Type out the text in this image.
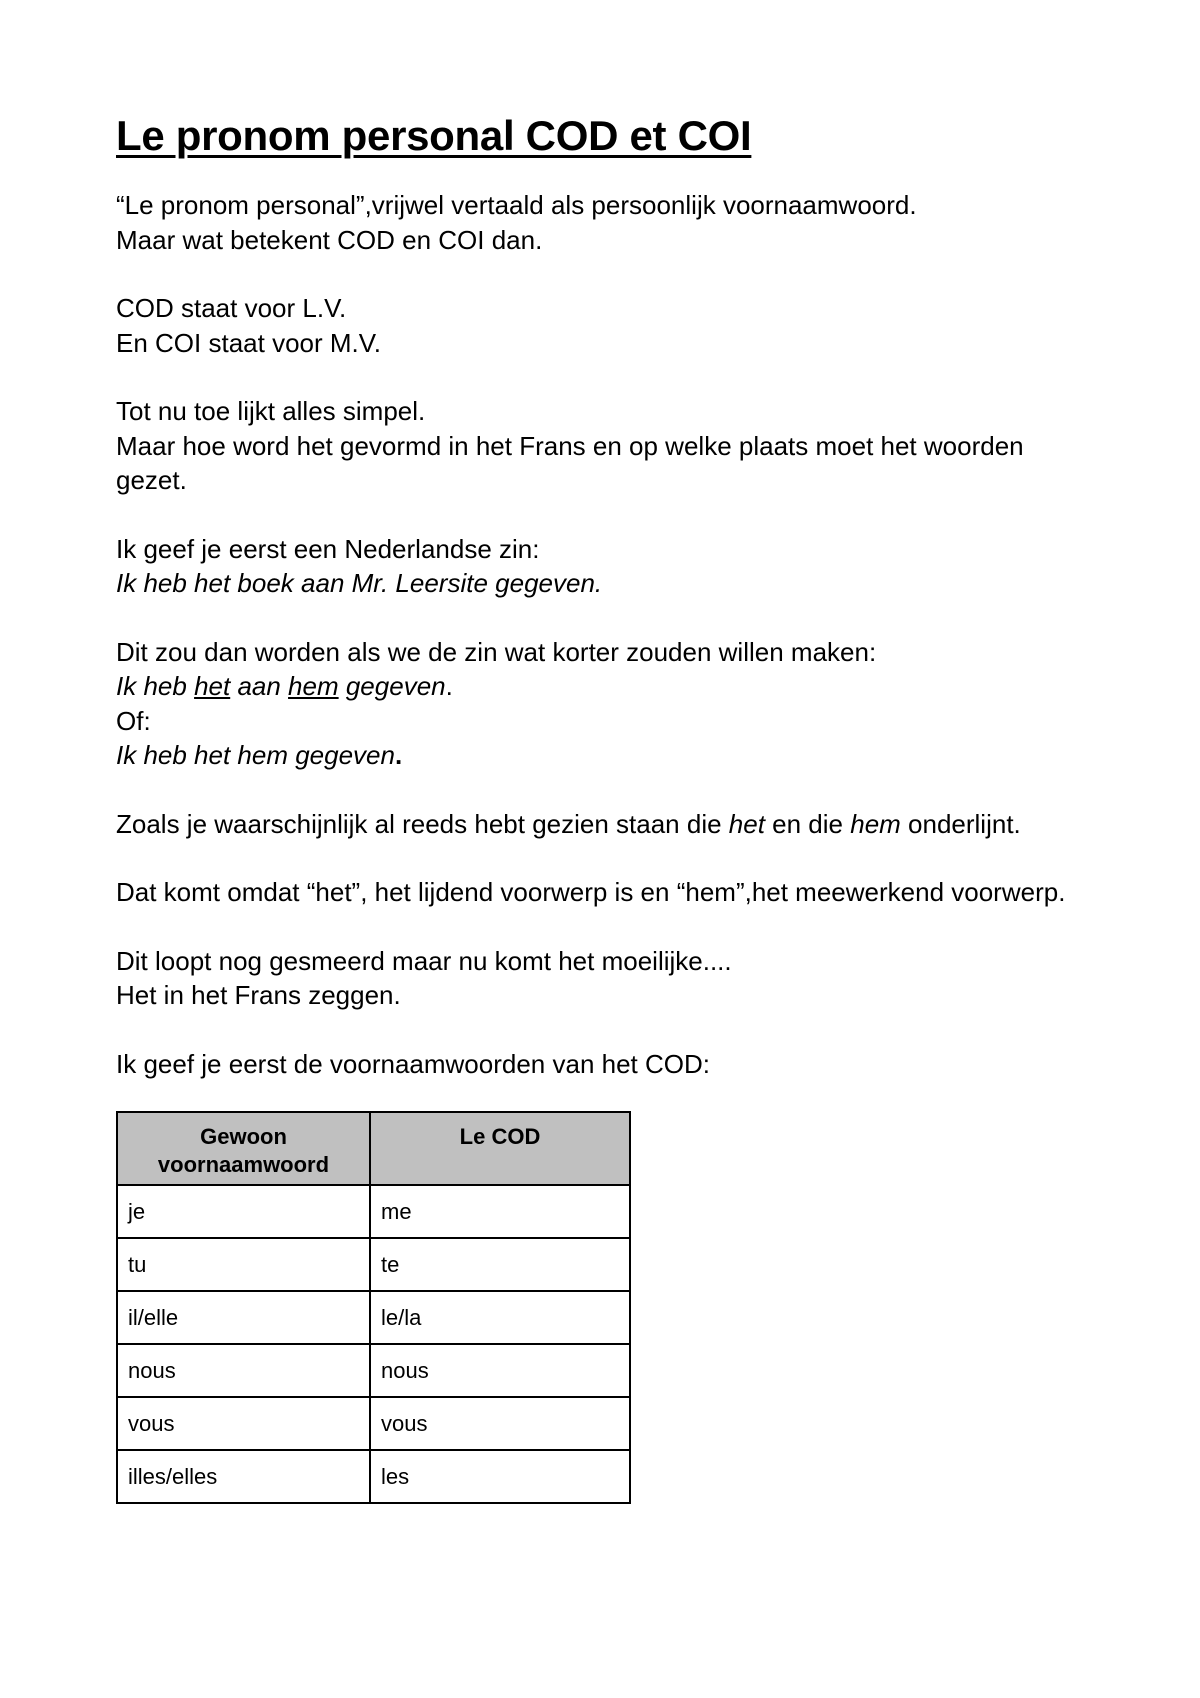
Le pronom personal COD et COI

“Le pronom personal”,vrijwel vertaald als persoonlijk voornaamwoord.
Maar wat betekent COD en COI dan.

COD staat voor L.V.
En COI staat voor M.V.

Tot nu toe lijkt alles simpel.
Maar hoe word het gevormd in het Frans en op welke plaats moet het woorden gezet.

Ik geef je eerst een Nederlandse zin:
Ik heb het boek aan Mr. Leersite gegeven.

Dit zou dan worden als we de zin wat korter zouden willen maken:
Ik heb het aan hem gegeven.
Of:
Ik heb het hem gegeven.

Zoals je waarschijnlijk al reeds hebt gezien staan die het en die hem onderlijnt.

Dat komt omdat “het”, het lijdend voorwerp is en “hem”,het meewerkend voorwerp.

Dit loopt nog gesmeerd maar nu komt het moeilijke....
Het in het Frans zeggen.

Ik geef je eerst de voornaamwoorden van het COD:

Gewoon voornaamwoord	Le COD
je	me
tu	te
il/elle	le/la
nous	nous
vous	vous
illes/elles	les
